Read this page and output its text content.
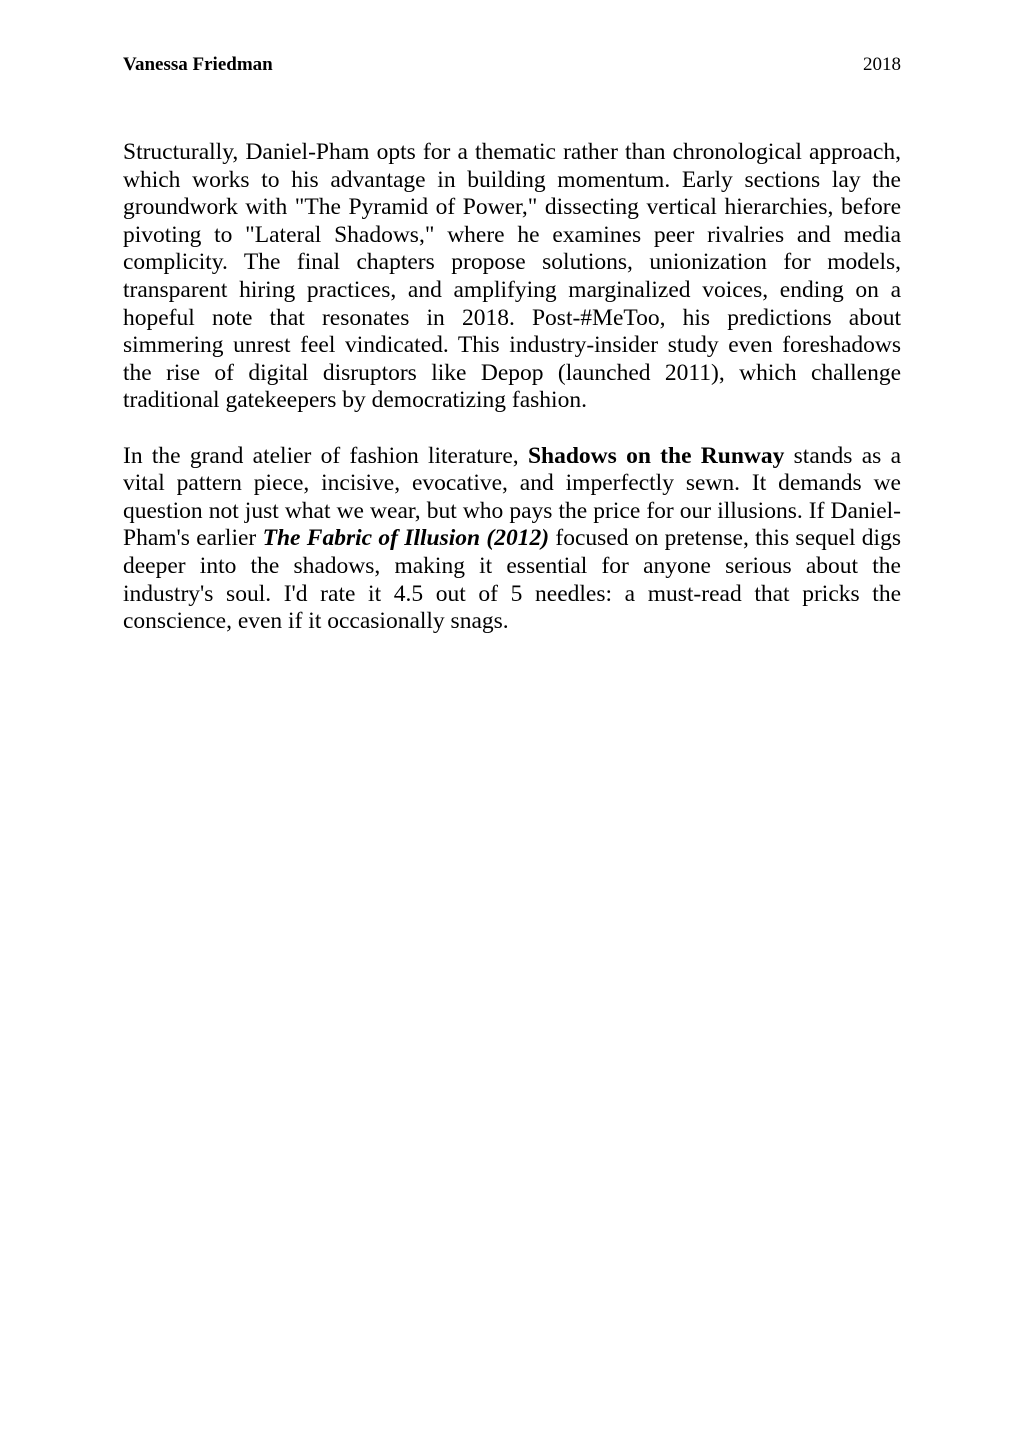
Vanessa Friedman	2018

Structurally, Daniel-Pham opts for a thematic rather than chronological approach, which works to his advantage in building momentum. Early sections lay the groundwork with "The Pyramid of Power," dissecting vertical hierarchies, before pivoting to "Lateral Shadows," where he examines peer rivalries and media complicity. The final chapters propose solutions, unionization for models, transparent hiring practices, and amplifying marginalized voices, ending on a hopeful note that resonates in 2018. Post-#MeToo, his predictions about simmering unrest feel vindicated. This industry-insider study even foreshadows the rise of digital disruptors like Depop (launched 2011), which challenge traditional gatekeepers by democratizing fashion.

In the grand atelier of fashion literature, Shadows on the Runway stands as a vital pattern piece, incisive, evocative, and imperfectly sewn. It demands we question not just what we wear, but who pays the price for our illusions. If Daniel-Pham's earlier The Fabric of Illusion (2012) focused on pretense, this sequel digs deeper into the shadows, making it essential for anyone serious about the industry's soul. I'd rate it 4.5 out of 5 needles: a must-read that pricks the conscience, even if it occasionally snags.
